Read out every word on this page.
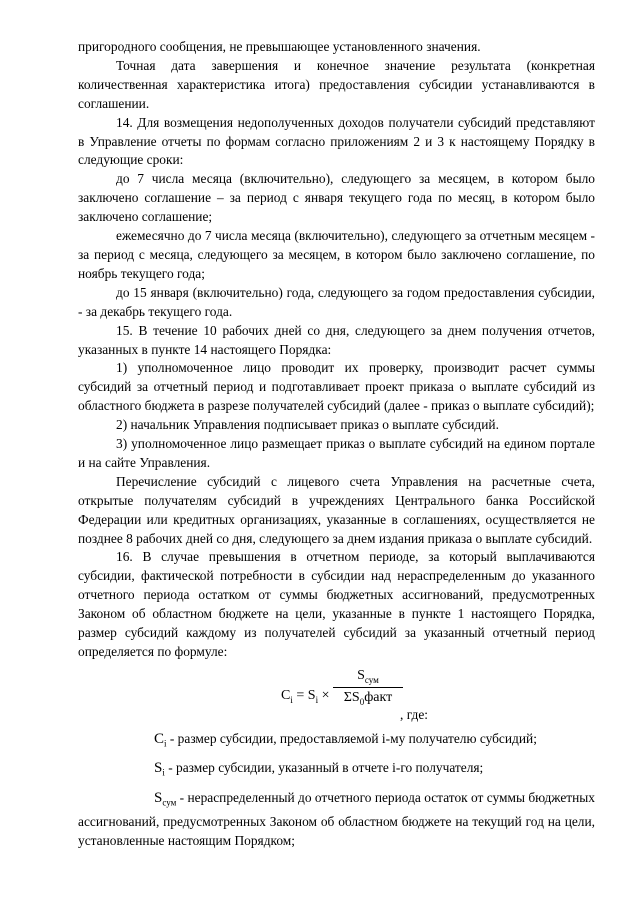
пригородного сообщения, не превышающее установленного значения.

Точная дата завершения и конечное значение результата (конкретная количественная характеристика итога) предоставления субсидии устанавливаются в соглашении.

14. Для возмещения недополученных доходов получатели субсидий представляют в Управление отчеты по формам согласно приложениям 2 и 3 к настоящему Порядку в следующие сроки:

до 7 числа месяца (включительно), следующего за месяцем, в котором было заключено соглашение – за период с января текущего года по месяц, в котором было заключено соглашение;

ежемесячно до 7 числа месяца (включительно), следующего за отчетным месяцем - за период с месяца, следующего за месяцем, в котором было заключено соглашение, по ноябрь текущего года;

до 15 января (включительно) года, следующего за годом предоставления субсидии, - за декабрь текущего года.

15. В течение 10 рабочих дней со дня, следующего за днем получения отчетов, указанных в пункте 14 настоящего Порядка:

1) уполномоченное лицо проводит их проверку, производит расчет суммы субсидий за отчетный период и подготавливает проект приказа о выплате субсидий из областного бюджета в разрезе получателей субсидий (далее - приказ о выплате субсидий);

2) начальник Управления подписывает приказ о выплате субсидий.

3) уполномоченное лицо размещает приказ о выплате субсидий на едином портале и на сайте Управления.

Перечисление субсидий с лицевого счета Управления на расчетные счета, открытые получателям субсидий в учреждениях Центрального банка Российской Федерации или кредитных организациях, указанные в соглашениях, осуществляется не позднее 8 рабочих дней со дня, следующего за днем издания приказа о выплате субсидий.

16. В случае превышения в отчетном периоде, за который выплачиваются субсидии, фактической потребности в субсидии над нераспределенным до указанного отчетного периода остатком от суммы бюджетных ассигнований, предусмотренных Законом об областном бюджете на цели, указанные в пункте 1 настоящего Порядка, размер субсидий каждому из получателей субсидий за указанный отчетный период определяется по формуле:

$C_i = S_i$ ×
$S_{сум}$
$\Sigma S_0факт$
, где:

$C_i$ - размер субсидии, предоставляемой i-му получателю субсидий;

$S_i$ - размер субсидии, указанный в отчете i-го получателя;

$S_{сум}$ - нераспределенный до отчетного периода остаток от суммы бюджетных ассигнований, предусмотренных Законом об областном бюджете на текущий год на цели, установленные настоящим Порядком;
